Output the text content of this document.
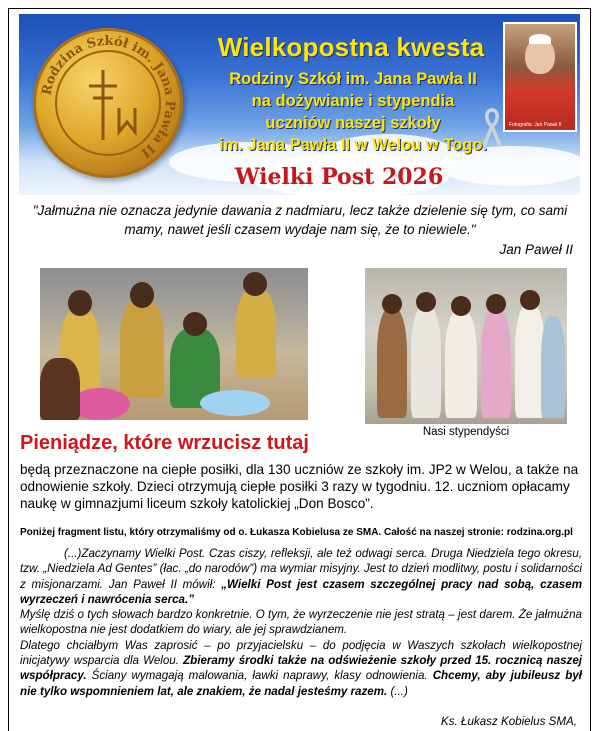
Rodzina Szkół im. Jana Pawła II
Wielkopostna kwesta
Rodziny Szkół im. Jana Pawła II
na dożywianie i stypendia
uczniów naszej szkoły
im. Jana Pawła II w Welou w Togo.
Fotografia: Jan Paweł II
Wielki Post 2026
"Jałmużna nie oznacza jedynie dawania z nadmiaru, lecz także dzielenie się tym, co sami mamy, nawet jeśli czasem wydaje nam się, że to niewiele."
Jan Paweł II
Nasi stypendyści
Pieniądze, które wrzucisz tutaj
będą przeznaczone na ciepłe posiłki, dla 130 uczniów ze szkoły im. JP2 w Welou, a także na odnowienie szkoły. Dzieci otrzymują ciepłe posiłki 3 razy w tygodniu. 12. uczniom opłacamy naukę w gimnazjumi liceum szkoły katolickiej „Don Bosco”.
Poniżej fragment listu, który otrzymaliśmy od o. Łukasza Kobielusa ze SMA. Całość na naszej stronie: rodzina.org.pl

(...)Zaczynamy Wielki Post. Czas ciszy, refleksji, ale też odwagi serca. Druga Niedziela tego okresu, tzw. „Niedziela Ad Gentes” (łac. „do narodów”) ma wymiar misyjny. Jest to dzień modlitwy, postu i solidarności z misjonarzami. Jan Paweł II mówił: „Wielki Post jest czasem szczególnej pracy nad sobą, czasem wyrzeczeń i nawrócenia serca.”

Myślę dziś o tych słowach bardzo konkretnie. O tym, że wyrzeczenie nie jest stratą – jest darem. Że jałmużna wielkopostna nie jest dodatkiem do wiary, ale jej sprawdzianem.

Dlatego chciałbym Was zaprosić – po przyjacielsku – do podjęcia w Waszych szkołach wielkopostnej inicjatywy wsparcia dla Welou. Zbieramy środki także na odświeżenie szkoły przed 15. rocznicą naszej współpracy. Ściany wymagają malowania, ławki naprawy, klasy odnowienia. Chcemy, aby jubileusz był nie tylko wspomnieniem lat, ale znakiem, że nadal jesteśmy razem. (...)

Ks. Łukasz Kobielus SMA,
